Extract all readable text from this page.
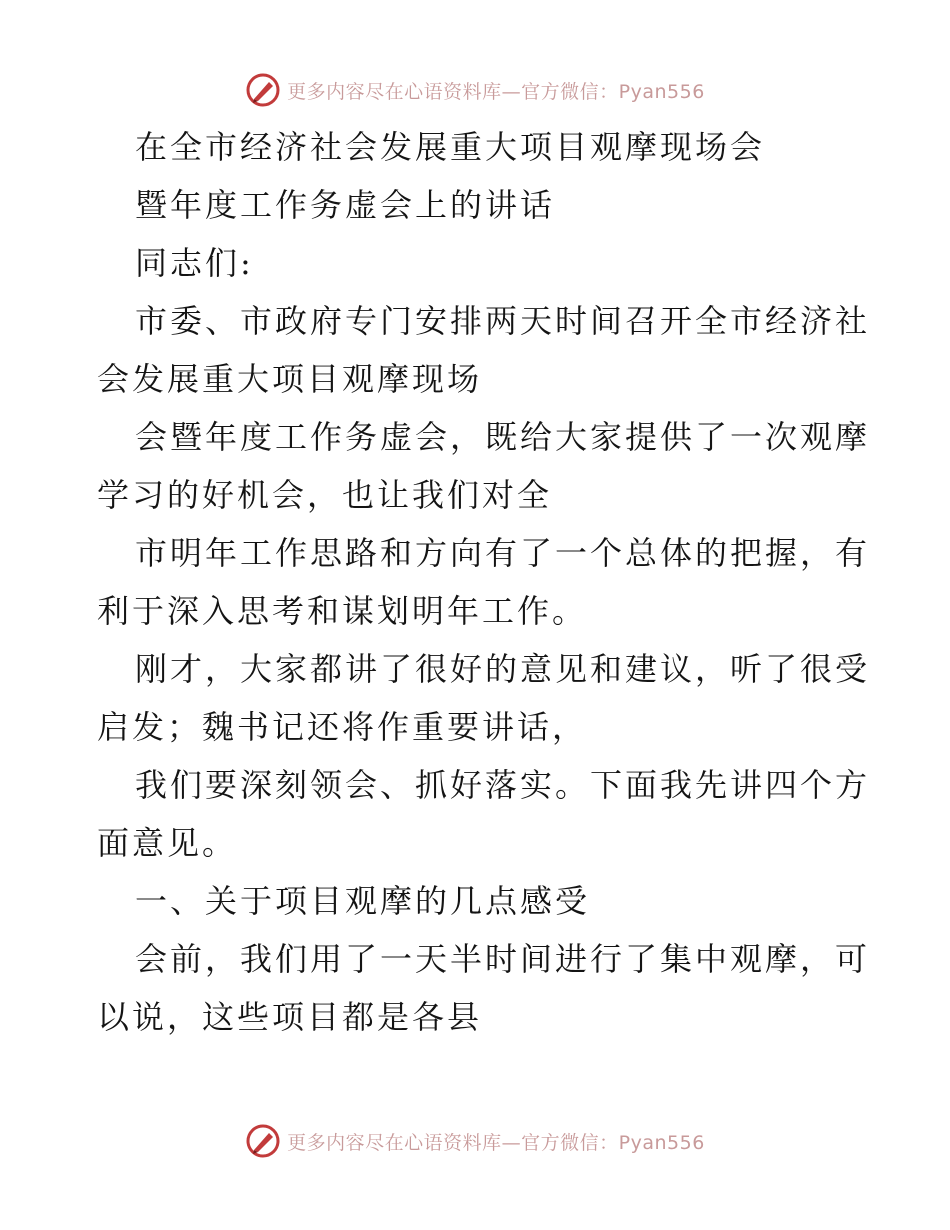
更多内容尽在心语资料库—官方微信：Pyan556
在全市经济社会发展重大项目观摩现场会
暨年度工作务虚会上的讲话
同志们:
市委、市政府专门安排两天时间召开全市经济社
会发展重大项目观摩现场
会暨年度工作务虚会，既给大家提供了一次观摩
学习的好机会，也让我们对全
市明年工作思路和方向有了一个总体的把握，有
利于深入思考和谋划明年工作。
刚才，大家都讲了很好的意见和建议，听了很受
启发；魏书记还将作重要讲话，
我们要深刻领会、抓好落实。下面我先讲四个方
面意见。
一、关于项目观摩的几点感受
会前，我们用了一天半时间进行了集中观摩，可
以说，这些项目都是各县
更多内容尽在心语资料库—官方微信：Pyan556
